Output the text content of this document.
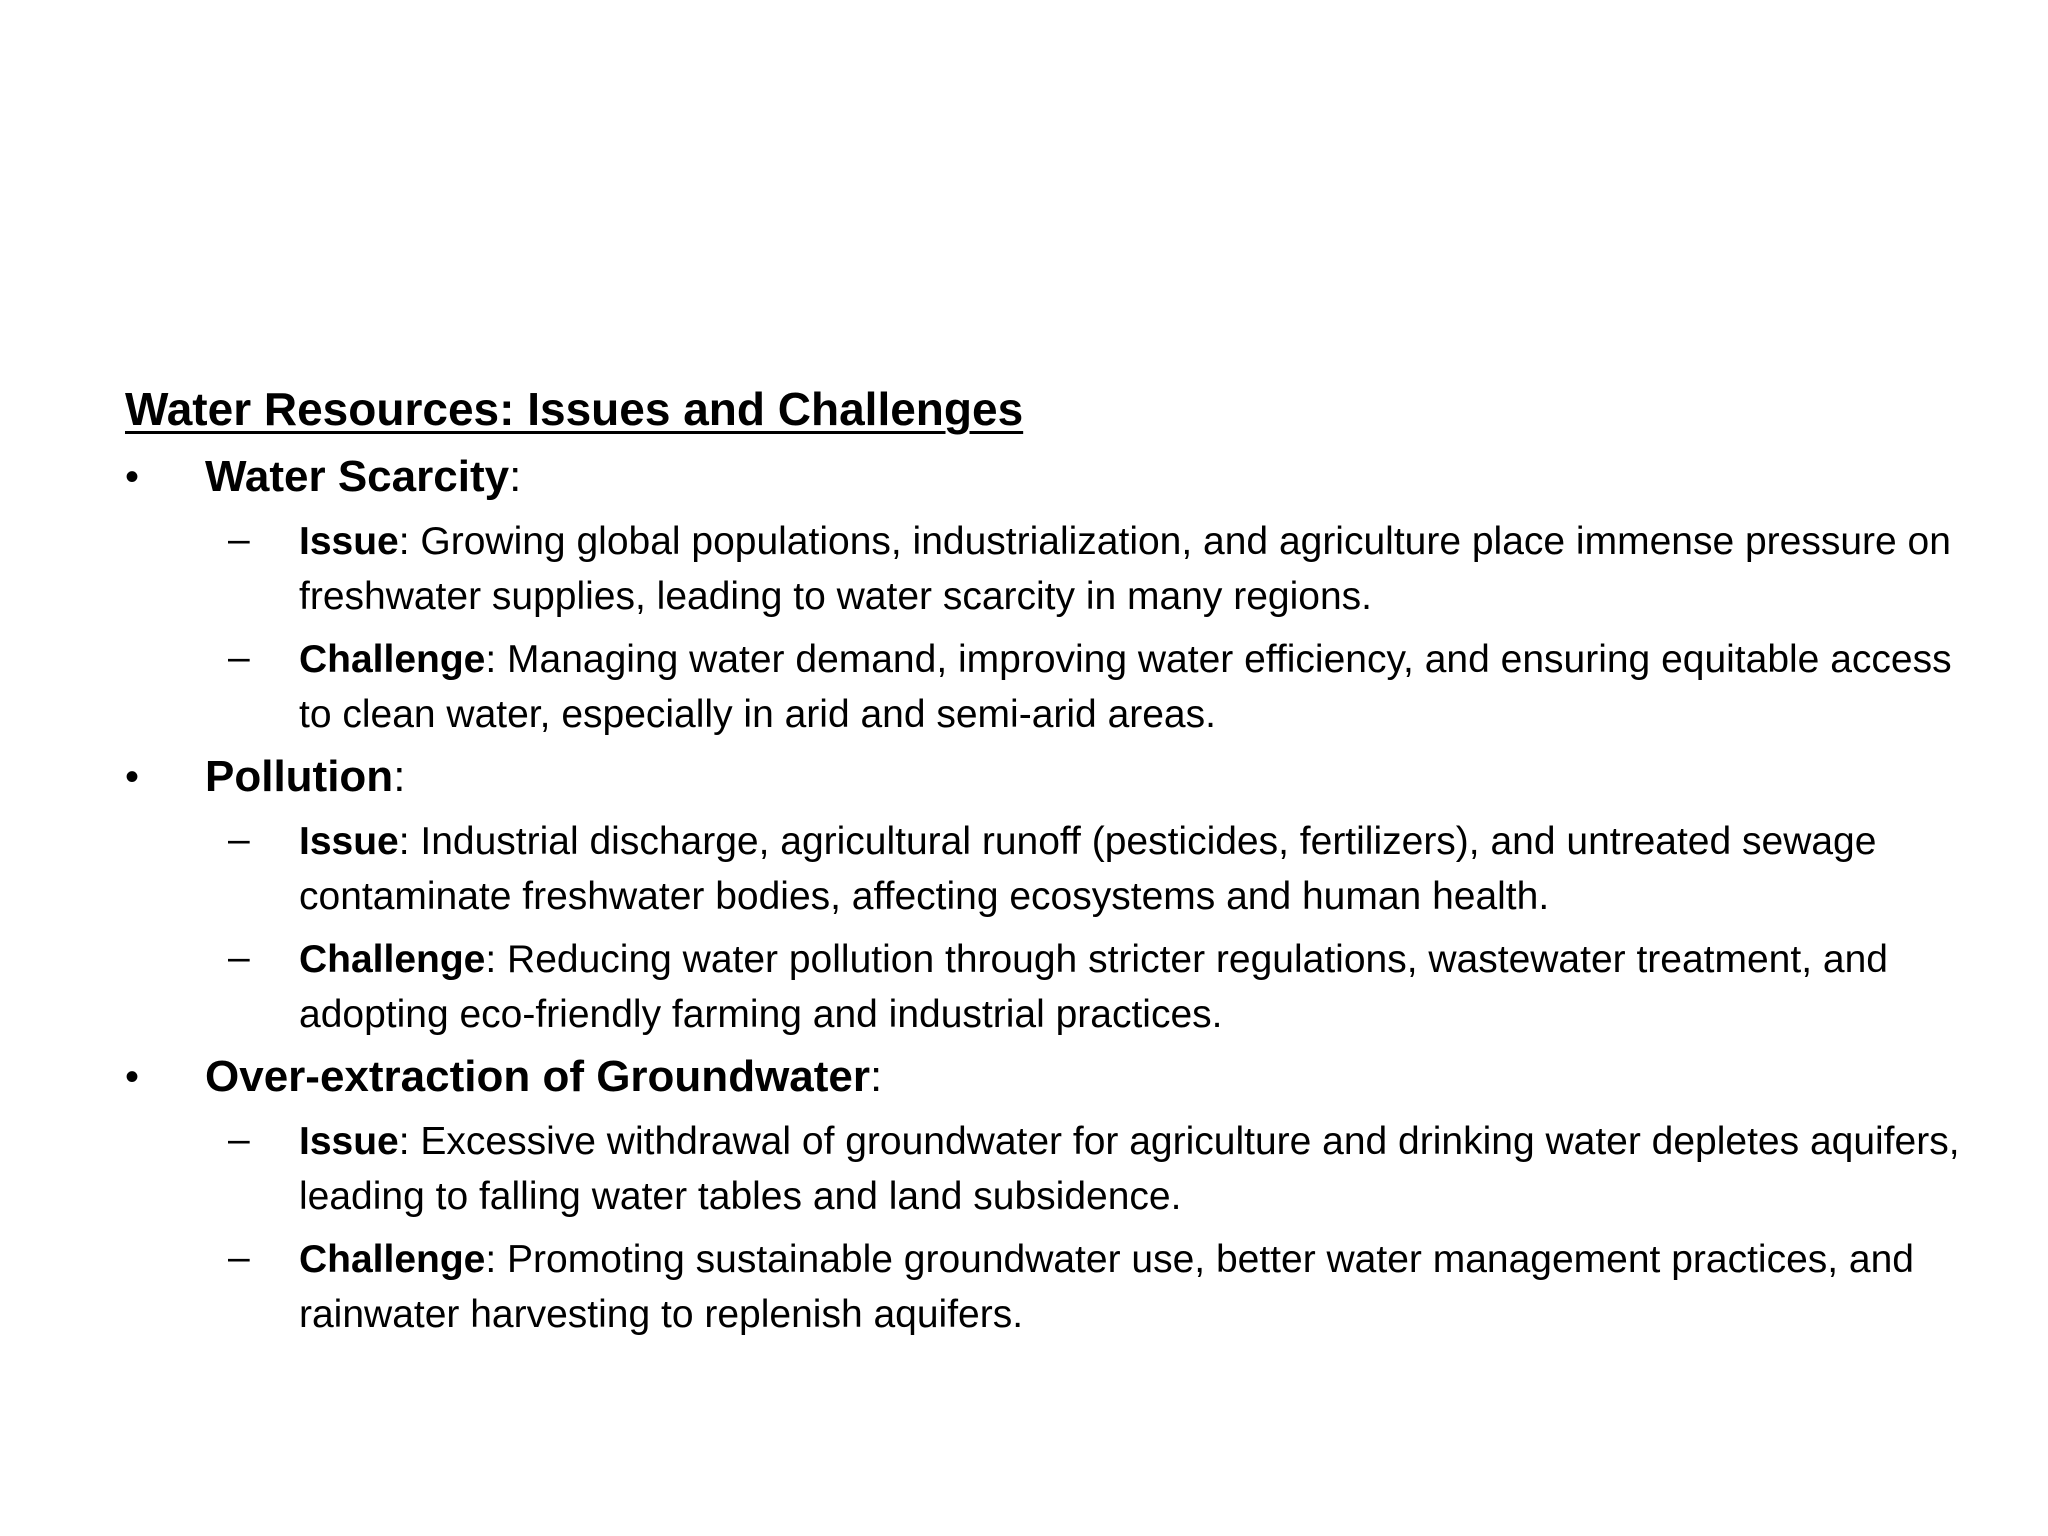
Water Resources: Issues and Challenges
•	Water Scarcity:
– Issue: Growing global populations, industrialization, and agriculture place immense pressure on freshwater supplies, leading to water scarcity in many regions.
– Challenge: Managing water demand, improving water efficiency, and ensuring equitable access to clean water, especially in arid and semi-arid areas.
•	Pollution:
– Issue: Industrial discharge, agricultural runoff (pesticides, fertilizers), and untreated sewage contaminate freshwater bodies, affecting ecosystems and human health.
– Challenge: Reducing water pollution through stricter regulations, wastewater treatment, and adopting eco-friendly farming and industrial practices.
•	Over-extraction of Groundwater:
– Issue: Excessive withdrawal of groundwater for agriculture and drinking water depletes aquifers, leading to falling water tables and land subsidence.
– Challenge: Promoting sustainable groundwater use, better water management practices, and rainwater harvesting to replenish aquifers.
